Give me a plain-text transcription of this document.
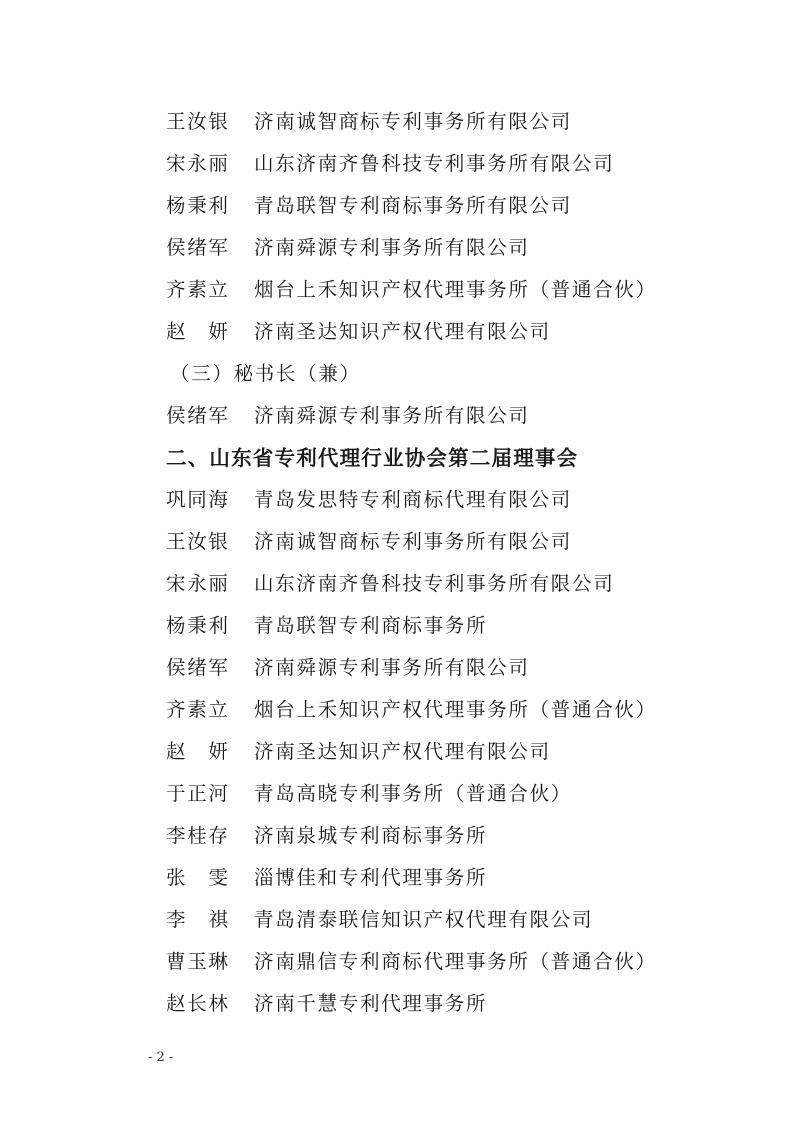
王汝银 济南诚智商标专利事务所有限公司
宋永丽 山东济南齐鲁科技专利事务所有限公司
杨秉利 青岛联智专利商标事务所有限公司
侯绪军 济南舜源专利事务所有限公司
齐素立 烟台上禾知识产权代理事务所（普通合伙）
赵　妍 济南圣达知识产权代理有限公司
（三）秘书长（兼）
侯绪军 济南舜源专利事务所有限公司
二、山东省专利代理行业协会第二届理事会
巩同海 青岛发思特专利商标代理有限公司
王汝银 济南诚智商标专利事务所有限公司
宋永丽 山东济南齐鲁科技专利事务所有限公司
杨秉利 青岛联智专利商标事务所
侯绪军 济南舜源专利事务所有限公司
齐素立 烟台上禾知识产权代理事务所（普通合伙）
赵　妍 济南圣达知识产权代理有限公司
于正河 青岛高晓专利事务所（普通合伙）
李桂存 济南泉城专利商标事务所
张　雯 淄博佳和专利代理事务所
李　祺 青岛清泰联信知识产权代理有限公司
曹玉琳 济南鼎信专利商标代理事务所（普通合伙）
赵长林 济南千慧专利代理事务所
- 2 -
